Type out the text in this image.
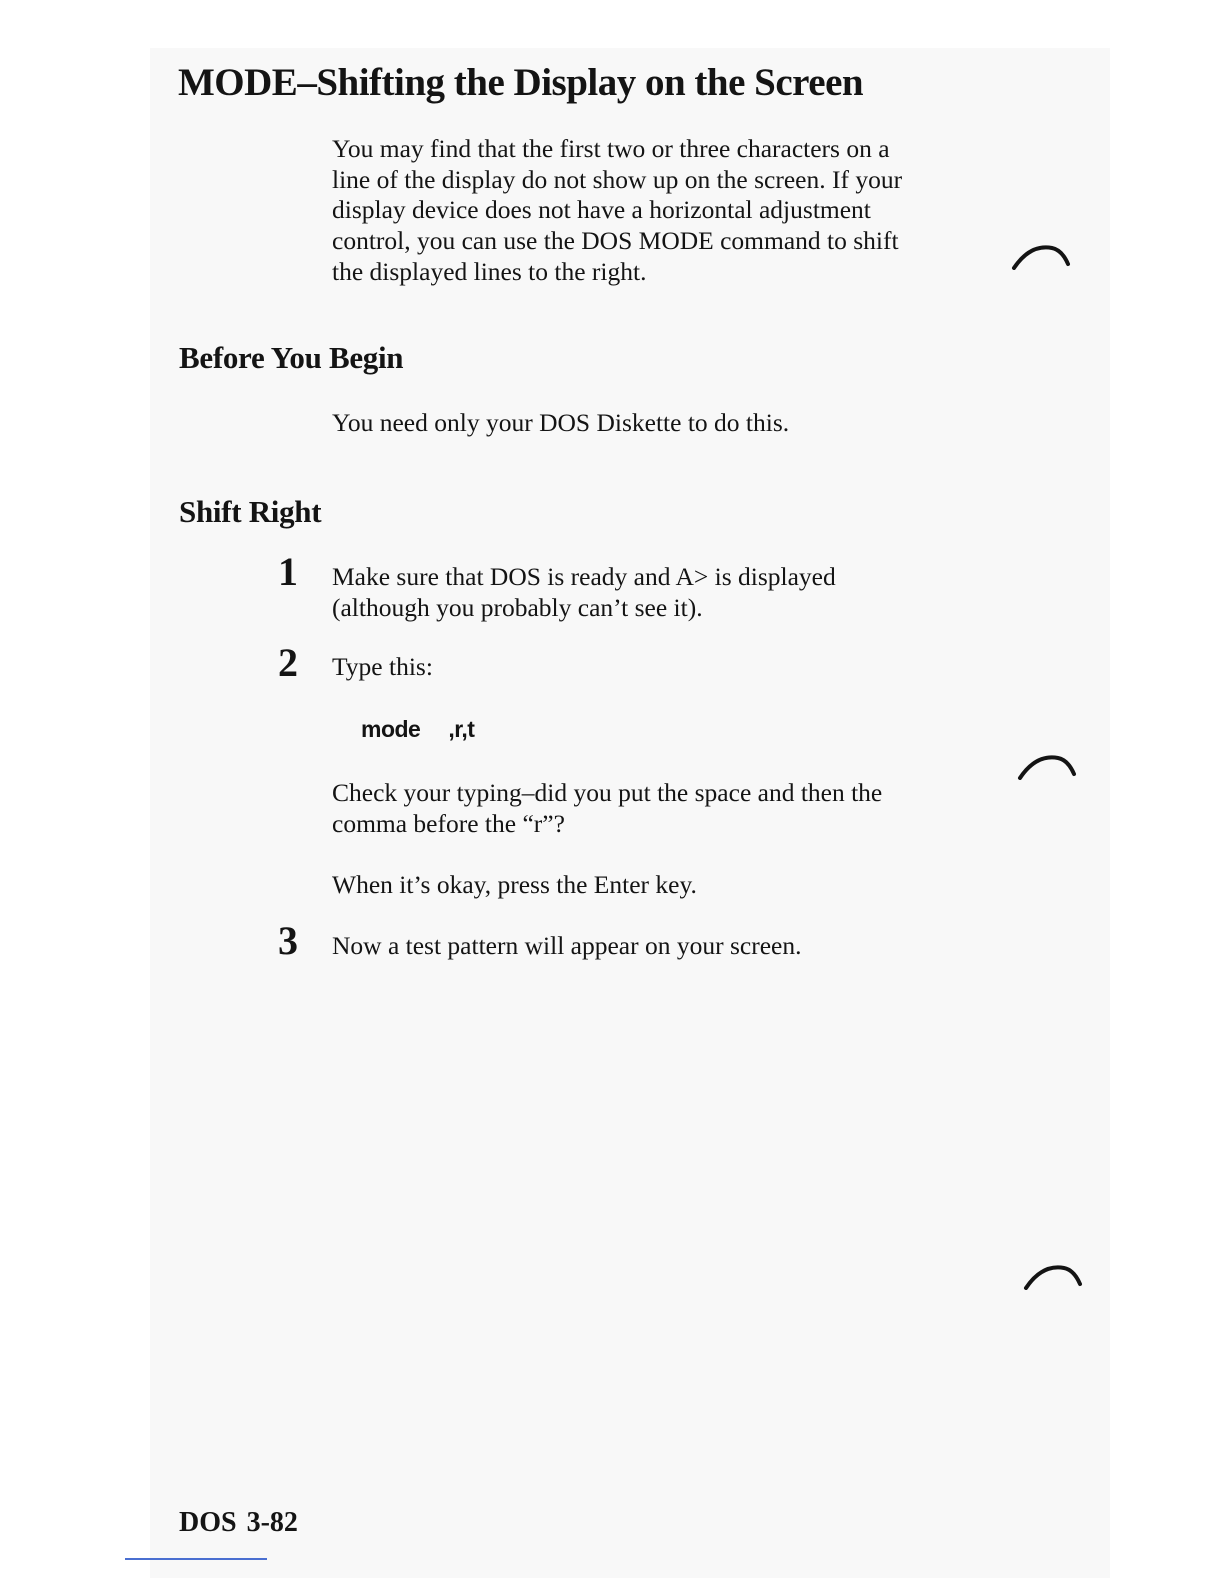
MODE–Shifting the Display on the Screen
You may find that the first two or three characters on a
line of the display do not show up on the screen. If your
display device does not have a horizontal adjustment
control, you can use the DOS MODE command to shift
the displayed lines to the right.
Before You Begin
You need only your DOS Diskette to do this.
Shift Right
1 Make sure that DOS is ready and A> is displayed
(although you probably can’t see it).
2 Type this:
mode ,r,t
Check your typing–did you put the space and then the
comma before the “r”?
When it’s okay, press the Enter key.
3 Now a test pattern will appear on your screen.
DOS 3-82
